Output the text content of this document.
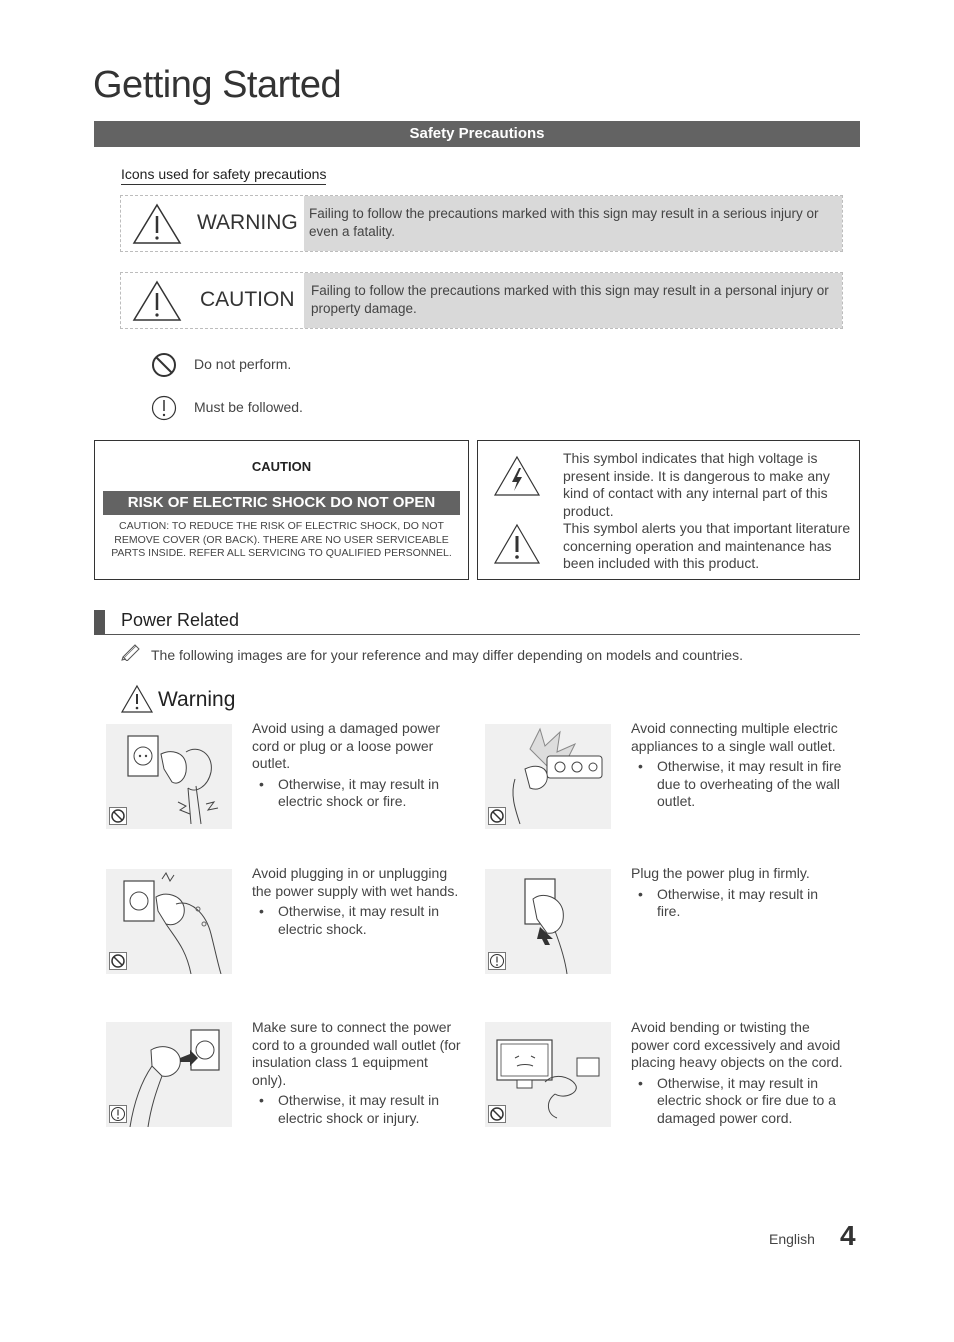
Getting Started
Safety Precautions
Icons used for safety precautions
WARNING Failing to follow the precautions marked with this sign may result in a serious injury or even a fatality.
CAUTION	Failing to follow the precautions marked with this sign may result in a personal injury or property damage.
Do not perform.
Must be followed.
CAUTION
RISK OF ELECTRIC SHOCK DO NOT OPEN
CAUTION: TO REDUCE THE RISK OF ELECTRIC SHOCK, DO NOT REMOVE COVER (OR BACK). THERE ARE NO USER SERVICEABLE PARTS INSIDE. REFER ALL SERVICING TO QUALIFIED PERSONNEL.
This symbol indicates that high voltage is present inside. It is dangerous to make any kind of contact with any internal part of this product.
This symbol alerts you that important literature concerning operation and maintenance has been included with this product.
Power Related
The following images are for your reference and may differ depending on models and countries.
Warning
Avoid using a damaged power cord or plug or a loose power outlet.
• Otherwise, it may result in electric shock or fire.
Avoid connecting multiple electric appliances to a single wall outlet.
• Otherwise, it may result in fire due to overheating of the wall outlet.
Avoid plugging in or unplugging the power supply with wet hands.
• Otherwise, it may result in electric shock.
Plug the power plug in firmly.
• Otherwise, it may result in fire.
Make sure to connect the power cord to a grounded wall outlet (for insulation class 1 equipment only).
• Otherwise, it may result in electric shock or injury.
Avoid bending or twisting the power cord excessively and avoid placing heavy objects on the cord.
• Otherwise, it may result in electric shock or fire due to a damaged power cord.
English 4
